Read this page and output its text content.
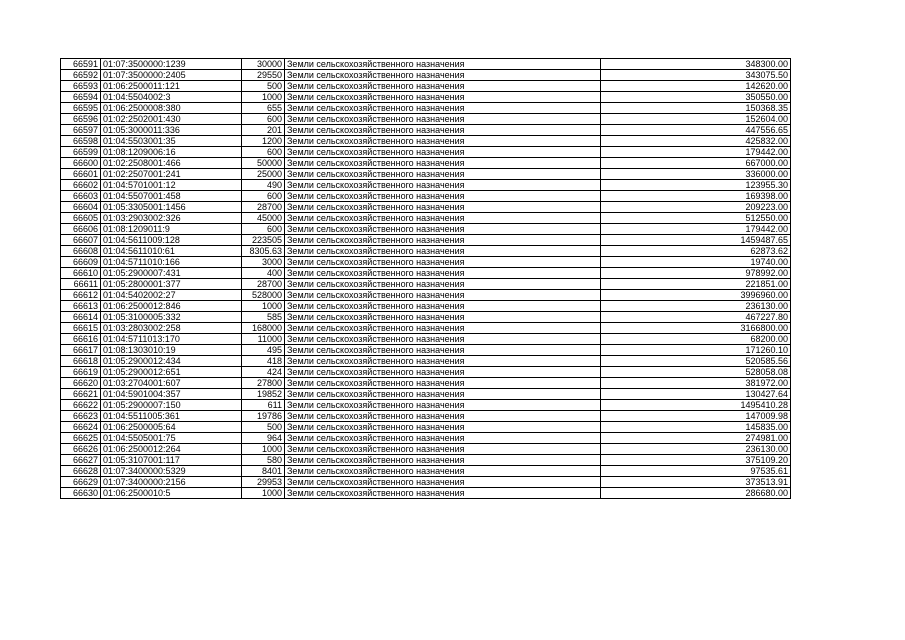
66591	01:07:3500000:1239	30000	Земли сельскохозяйственного назначения	348300.00
66592	01:07:3500000:2405	29550	Земли сельскохозяйственного назначения	343075.50
66593	01:06:2500011:121	500	Земли сельскохозяйственного назначения	142620.00
66594	01:04:5504002:3	1000	Земли сельскохозяйственного назначения	350550.00
66595	01:06:2500008:380	655	Земли сельскохозяйственного назначения	150368.35
66596	01:02:2502001:430	600	Земли сельскохозяйственного назначения	152604.00
66597	01:05:3000011:336	201	Земли сельскохозяйственного назначения	447556.65
66598	01:04:5503001:35	1200	Земли сельскохозяйственного назначения	425832.00
66599	01:08:1209006:16	600	Земли сельскохозяйственного назначения	179442.00
66600	01:02:2508001:466	50000	Земли сельскохозяйственного назначения	667000.00
66601	01:02:2507001:241	25000	Земли сельскохозяйственного назначения	336000.00
66602	01:04:5701001:12	490	Земли сельскохозяйственного назначения	123955.30
66603	01:04:5507001:458	600	Земли сельскохозяйственного назначения	169398.00
66604	01:05:3305001:1456	28700	Земли сельскохозяйственного назначения	209223.00
66605	01:03:2903002:326	45000	Земли сельскохозяйственного назначения	512550.00
66606	01:08:1209011:9	600	Земли сельскохозяйственного назначения	179442.00
66607	01:04:5611009:128	223505	Земли сельскохозяйственного назначения	1459487.65
66608	01:04:5611010:61	8305.63	Земли сельскохозяйственного назначения	62873.62
66609	01:04:5711010:166	3000	Земли сельскохозяйственного назначения	19740.00
66610	01:05:2900007:431	400	Земли сельскохозяйственного назначения	978992.00
66611	01:05:2800001:377	28700	Земли сельскохозяйственного назначения	221851.00
66612	01:04:5402002:27	528000	Земли сельскохозяйственного назначения	3996960.00
66613	01:06:2500012:846	1000	Земли сельскохозяйственного назначения	236130.00
66614	01:05:3100005:332	585	Земли сельскохозяйственного назначения	467227.80
66615	01:03:2803002:258	168000	Земли сельскохозяйственного назначения	3166800.00
66616	01:04:5711013:170	11000	Земли сельскохозяйственного назначения	68200.00
66617	01:08:1303010:19	495	Земли сельскохозяйственного назначения	171260.10
66618	01:05:2900012:434	418	Земли сельскохозяйственного назначения	520585.56
66619	01:05:2900012:651	424	Земли сельскохозяйственного назначения	528058.08
66620	01:03:2704001:607	27800	Земли сельскохозяйственного назначения	381972.00
66621	01:04:5901004:357	19852	Земли сельскохозяйственного назначения	130427.64
66622	01:05:2900007:150	611	Земли сельскохозяйственного назначения	1495410.28
66623	01:04:5511005:361	19786	Земли сельскохозяйственного назначения	147009.98
66624	01:06:2500005:64	500	Земли сельскохозяйственного назначения	145835.00
66625	01:04:5505001:75	964	Земли сельскохозяйственного назначения	274981.00
66626	01:06:2500012:264	1000	Земли сельскохозяйственного назначения	236130.00
66627	01:05:3107001:117	580	Земли сельскохозяйственного назначения	375109.20
66628	01:07:3400000:5329	8401	Земли сельскохозяйственного назначения	97535.61
66629	01:07:3400000:2156	29953	Земли сельскохозяйственного назначения	373513.91
66630	01:06:2500010:5	1000	Земли сельскохозяйственного назначения	286680.00
